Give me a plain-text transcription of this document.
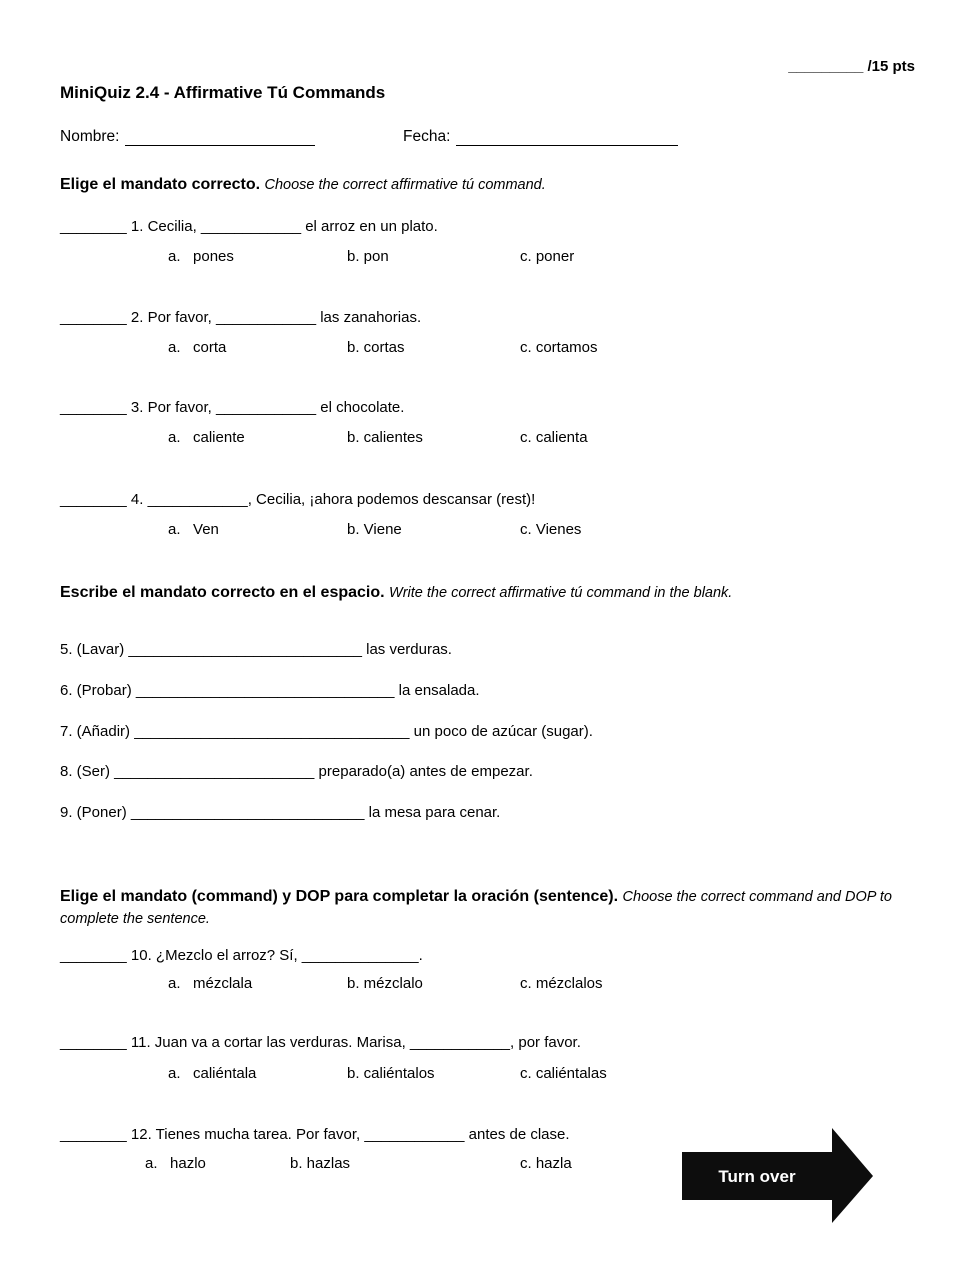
_________ /15 pts
MiniQuiz 2.4 - Affirmative Tú Commands
Nombre:	Fecha:
Elige el mandato correcto. Choose the correct affirmative tú command.
________ 1. Cecilia, ____________ el arroz en un plato.
a.   pones	b. pon	c. poner
________ 2. Por favor, ____________ las zanahorias.
a.   corta	b. cortas	c. cortamos
________ 3. Por favor, ____________ el chocolate.
a.   caliente	b. calientes	c. calienta
________ 4. ____________, Cecilia, ¡ahora podemos descansar (rest)!
a.   Ven	b. Viene	c. Vienes
Escribe el mandato correcto en el espacio. Write the correct affirmative tú command in the blank.
5. (Lavar) ____________________________ las verduras.
6. (Probar) _______________________________ la ensalada.
7. (Añadir) _________________________________ un poco de azúcar (sugar).
8. (Ser) ________________________ preparado(a) antes de empezar.
9. (Poner) ____________________________ la mesa para cenar.
Elige el mandato (command) y DOP para completar la oración (sentence). Choose the correct command and DOP to complete the sentence.
________ 10. ¿Mezclo el arroz? Sí, ______________.
a.   mézclala	b. mézclalo	c. mézclalos
________ 11. Juan va a cortar las verduras. Marisa, ____________, por favor.
a.   caliéntala	b. caliéntalos	c. caliéntalas
________ 12. Tienes mucha tarea. Por favor, ____________ antes de clase.
a.   hazlo	b. hazlas	c. hazla
Turn over
